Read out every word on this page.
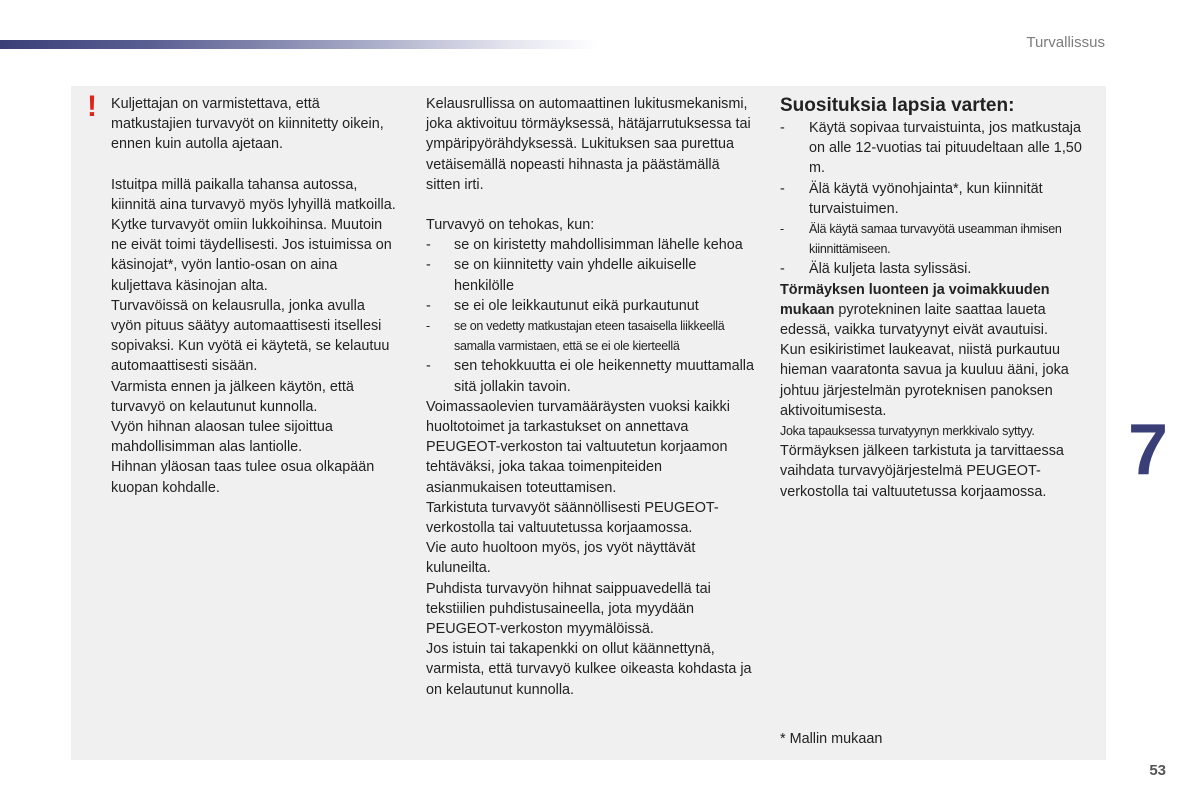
Turvallissus
! Kuljettajan on varmistettava, että matkustajien turvavyöt on kiinnitetty oikein, ennen kuin autolla ajetaan.

Istuitpa millä paikalla tahansa autossa, kiinnitä aina turvavyö myös lyhyillä matkoilla.

Kytke turvavyöt omiin lukkoihinsa. Muutoin ne eivät toimi täydellisesti. Jos istuimissa on käsinojat*, vyön lantio-osan on aina kuljettava käsinojan alta.

Turvavöissä on kelausrulla, jonka avulla vyön pituus säätyy automaattisesti itsellesi sopivaksi. Kun vyötä ei käytetä, se kelautuu automaattisesti sisään.

Varmista ennen ja jälkeen käytön, että turvavyö on kelautunut kunnolla.

Vyön hihnan alaosan tulee sijoittua mahdollisimman alas lantiolle.

Hihnan yläosan taas tulee osua olkapään kuopan kohdalle.

Kelausrullissa on automaattinen lukitusmekanismi, joka aktivoituu törmäyksessä, hätäjarrutuksessa tai ympäripyörähdyksessä. Lukituksen saa purettua vetäisemällä nopeasti hihnasta ja päästämällä sitten irti.

Turvavyö on tehokas, kun:

- se on kiristetty mahdollisimman lähelle kehoa
- se on kiinnitetty vain yhdelle aikuiselle henkilölle
- se ei ole leikkautunut eikä purkautunut
- se on vedetty matkustajan eteen tasaisella liikkeellä samalla varmistaen, että se ei ole kierteellä
- sen tehokkuutta ei ole heikennetty muuttamalla sitä jollakin tavoin.

Voimassaolevien turvamääräysten vuoksi kaikki huoltotoimet ja tarkastukset on annettava PEUGEOT-verkoston tai valtuutetun korjaamon tehtäväksi, joka takaa toimenpiteiden asianmukaisen toteuttamisen.

Tarkistuta turvavyöt säännöllisesti PEUGEOT-verkostolla tai valtuutetussa korjaamossa.

Vie auto huoltoon myös, jos vyöt näyttävät kuluneilta.

Puhdista turvavyön hihnat saippuavedellä tai tekstiilien puhdistusaineella, jota myydään PEUGEOT-verkoston myymälöissä.

Jos istuin tai takapenkki on ollut käännettynä, varmista, että turvavyö kulkee oikeasta kohdasta ja on kelautunut kunnolla.

Suosituksia lapsia varten:

- Käytä sopivaa turvaistuinta, jos matkustaja on alle 12-vuotias tai pituudeltaan alle 1,50 m.
- Älä käytä vyönohjainta*, kun kiinnität turvaistuimen.
- Älä käytä samaa turvavyötä useamman ihmisen kiinnittämiseen.
- Älä kuljeta lasta sylissäsi.

Törmäyksen luonteen ja voimakkuuden mukaan pyrotekninen laite saattaa laueta edessä, vaikka turvatyynyt eivät avautuisi.

Kun esikiristimet laukeavat, niistä purkautuu hieman vaaratonta savua ja kuuluu ääni, joka johtuu järjestelmän pyroteknisen panoksen aktivoitumisesta.

Joka tapauksessa turvatyynyn merkkivalo syttyy.

Törmäyksen jälkeen tarkistuta ja tarvittaessa vaihdata turvavyöjärjestelmä PEUGEOT-verkostolla tai valtuutetussa korjaamossa.

* Mallin mukaan
7
53
